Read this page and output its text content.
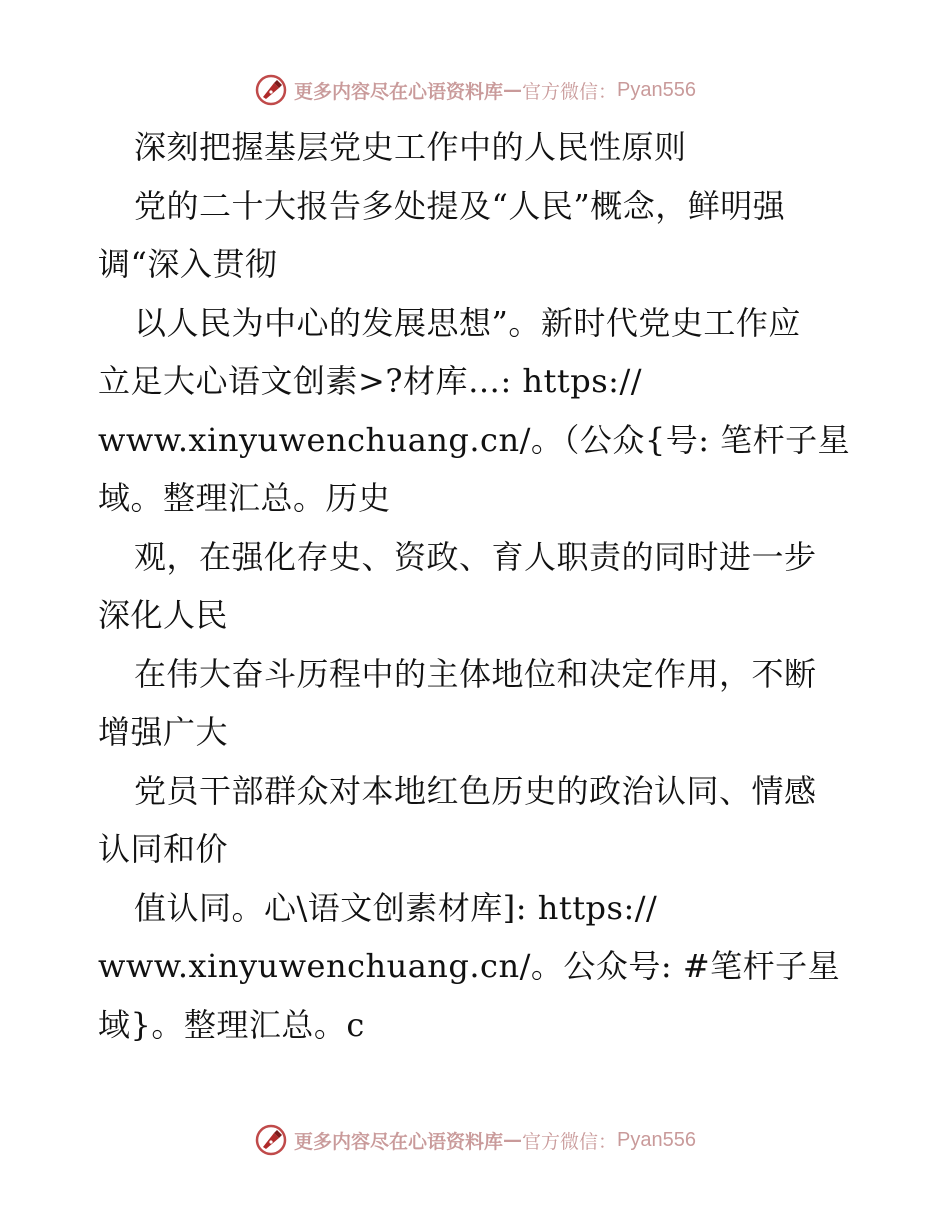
更多内容尽在心语资料库 — 官方微信： Pyan556
深刻把握基层党史工作中的人民性原则
党的二十大报告多处提及“人民”概念，鲜明强
调“深入贯彻
以人民为中心的发展思想”。新时代党史工作应
立足大心语文创素>?材库…: https://
www.xinyuwenchuang.cn/。（公众{号: 笔杆子星
域。整理汇总。历史
观，在强化存史、资政、育人职责的同时进一步
深化人民
在伟大奋斗历程中的主体地位和决定作用，不断
增强广大
党员干部群众对本地红色历史的政治认同、情感
认同和价
值认同。心\语文创素材库]: https://
www.xinyuwenchuang.cn/。公众号: #笔杆子星
域}。整理汇总。c
更多内容尽在心语资料库 — 官方微信： Pyan556
